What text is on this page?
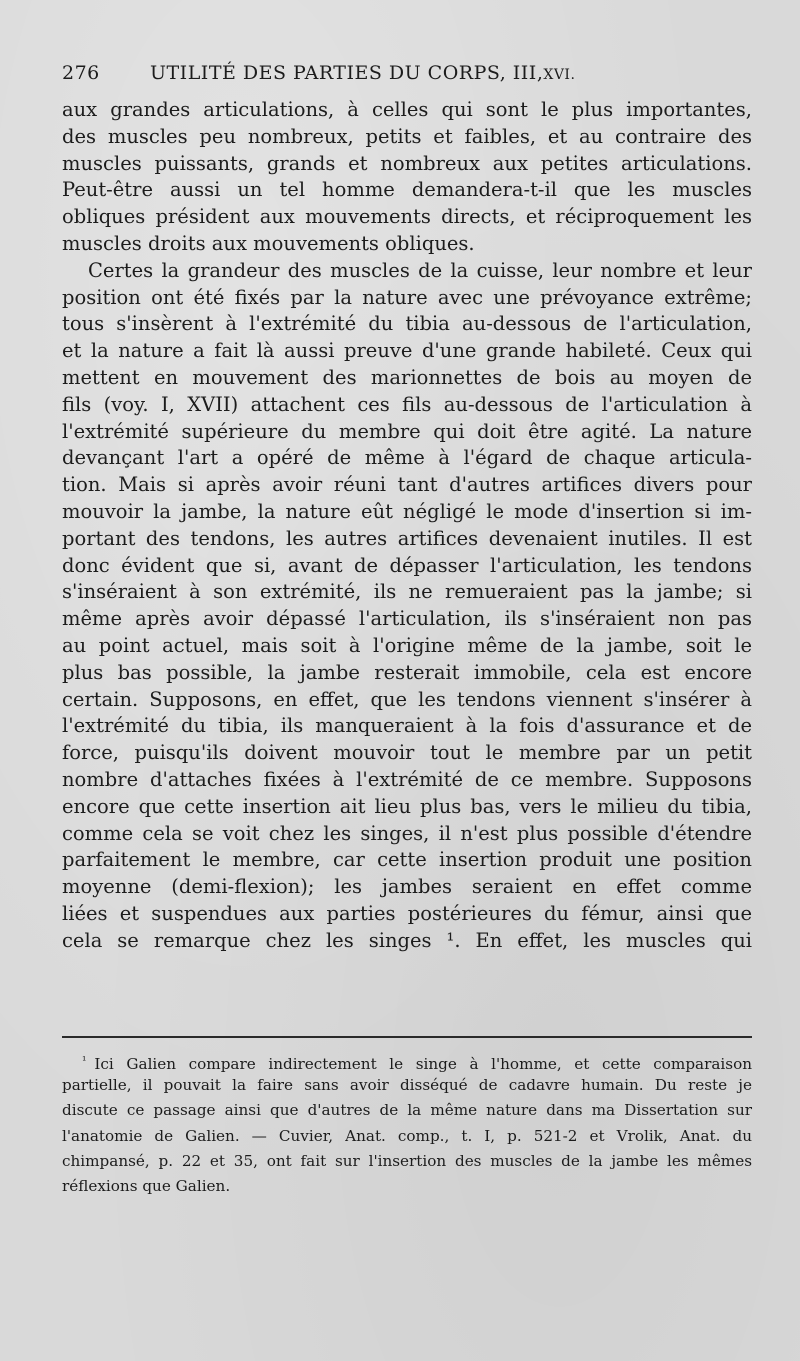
276	UTILITÉ DES PARTIES DU CORPS, III,XVI.
aux grandes articulations, à celles qui sont le plus importantes,
des muscles peu nombreux, petits et faibles, et au contraire des
muscles puissants, grands et nombreux aux petites articulations.
Peut-être aussi un tel homme demandera-t-il que les muscles
obliques président aux mouvements directs, et réciproquement les
muscles droits aux mouvements obliques.
Certes la grandeur des muscles de la cuisse, leur nombre et leur
position ont été fixés par la nature avec une prévoyance extrême;
tous s'insèrent à l'extrémité du tibia au-dessous de l'articulation,
et la nature a fait là aussi preuve d'une grande habileté. Ceux qui
mettent en mouvement des marionnettes de bois au moyen de
fils (voy. I, XVII) attachent ces fils au-dessous de l'articulation à
l'extrémité supérieure du membre qui doit être agité. La nature
devançant l'art a opéré de même à l'égard de chaque articula-
tion. Mais si après avoir réuni tant d'autres artifices divers pour
mouvoir la jambe, la nature eût négligé le mode d'insertion si im-
portant des tendons, les autres artifices devenaient inutiles. Il est
donc évident que si, avant de dépasser l'articulation, les tendons
s'inséraient à son extrémité, ils ne remueraient pas la jambe; si
même après avoir dépassé l'articulation, ils s'inséraient non pas
au point actuel, mais soit à l'origine même de la jambe, soit le
plus bas possible, la jambe resterait immobile, cela est encore
certain. Supposons, en effet, que les tendons viennent s'insérer à
l'extrémité du tibia, ils manqueraient à la fois d'assurance et de
force, puisqu'ils doivent mouvoir tout le membre par un petit
nombre d'attaches fixées à l'extrémité de ce membre. Supposons
encore que cette insertion ait lieu plus bas, vers le milieu du tibia,
comme cela se voit chez les singes, il n'est plus possible d'étendre
parfaitement le membre, car cette insertion produit une position
moyenne (demi-flexion); les jambes seraient en effet comme
liées et suspendues aux parties postérieures du fémur, ainsi que
cela se remarque chez les singes ¹. En effet, les muscles qui
$^{^1}$ Ici Galien compare indirectement le singe à l'homme, et cette comparaison
partielle, il pouvait la faire sans avoir disséqué de cadavre humain. Du reste je
discute ce passage ainsi que d'autres de la même nature dans ma Dissertation sur
l'anatomie de Galien. — Cuvier, Anat. comp., t. I, p. 521-2 et Vrolik, Anat. du
chimpansé, p. 22 et 35, ont fait sur l'insertion des muscles de la jambe les mêmes
réflexions que Galien.
